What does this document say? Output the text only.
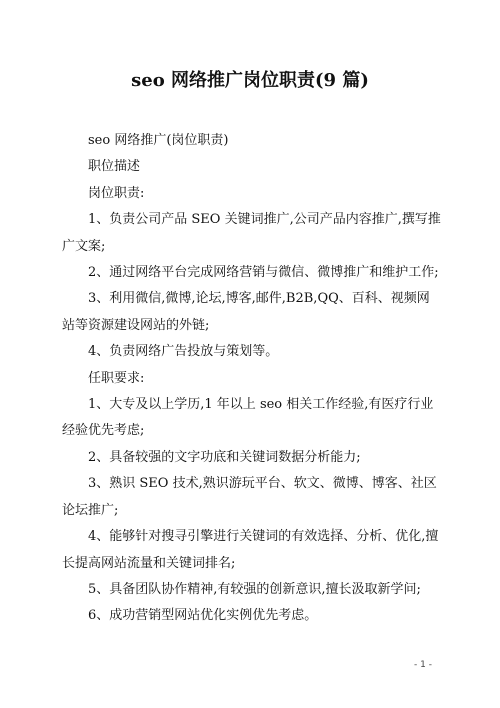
seo 网络推广岗位职责(9 篇)

seo 网络推广(岗位职责)

职位描述

岗位职责:

1、负责公司产品 SEO 关键词推广,公司产品内容推广,撰写推广文案;

2、通过网络平台完成网络营销与微信、微博推广和维护工作;

3、利用微信,微博,论坛,博客,邮件,B2B,QQ、百科、视频网站等资源建设网站的外链;

4、负责网络广告投放与策划等。

任职要求:

1、大专及以上学历,1 年以上 seo 相关工作经验,有医疗行业经验优先考虑;

2、具备较强的文字功底和关键词数据分析能力;

3、熟识 SEO 技术,熟识游玩平台、软文、微博、博客、社区论坛推广;

4、能够针对搜寻引擎进行关键词的有效选择、分析、优化,擅长提高网站流量和关键词排名;

5、具备团队协作精神,有较强的创新意识,擅长汲取新学问;

6、成功营销型网站优化实例优先考虑。

- 1 -
